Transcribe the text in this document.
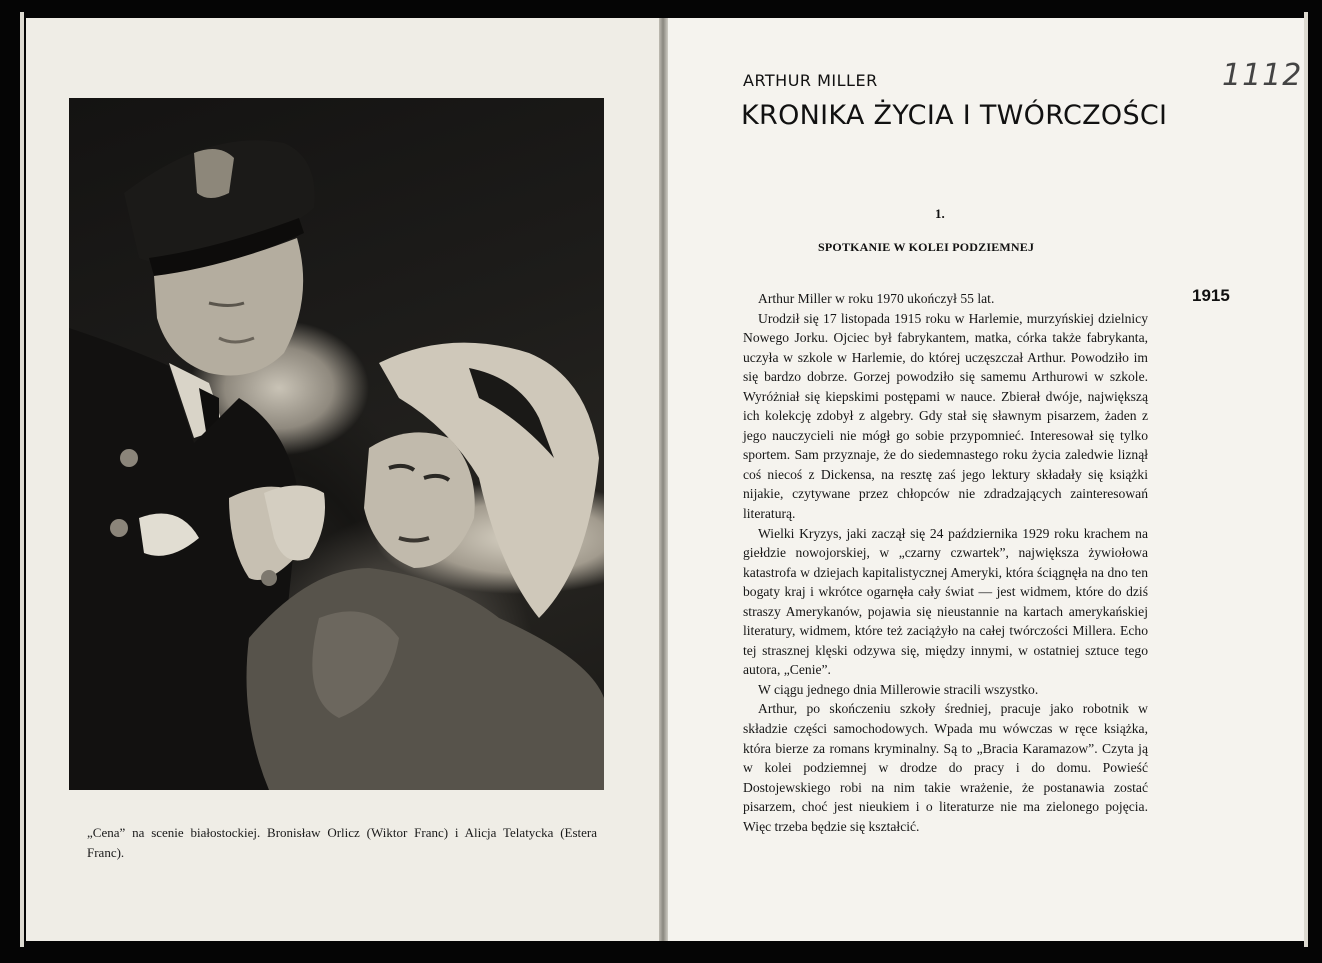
„Cena” na scenie białostockiej. Bronisław Orlicz (Wiktor Franc) i Alicja Telatycka (Estera Franc).

1112
ARTHUR MILLER
KRONIKA ŻYCIA I TWÓRCZOŚCI
1.
SPOTKANIE W KOLEI PODZIEMNEJ
1915

Arthur Miller w roku 1970 ukończył 55 lat.

Urodził się 17 listopada 1915 roku w Harlemie, murzyńskiej dzielnicy Nowego Jorku. Ojciec był fabrykantem, matka, córka także fabrykanta, uczyła w szkole w Harlemie, do której uczęszczał Arthur. Powodziło im się bardzo dobrze. Gorzej powodziło się samemu Arthurowi w szkole. Wyróżniał się kiepskimi postępami w nauce. Zbierał dwóje, największą ich kolekcję zdobył z algebry. Gdy stał się sławnym pisarzem, żaden z jego nauczycieli nie mógł go sobie przypomnieć. Interesował się tylko sportem. Sam przyznaje, że do siedemnastego roku życia zaledwie liznął coś niecoś z Dickensa, na resztę zaś jego lektury składały się książki nijakie, czytywane przez chłopców nie zdradzających zainteresowań literaturą.

Wielki Kryzys, jaki zaczął się 24 października 1929 roku krachem na giełdzie nowojorskiej, w „czarny czwartek”, największa żywiołowa katastrofa w dziejach kapitalistycznej Ameryki, która ściągnęła na dno ten bogaty kraj i wkrótce ogarnęła cały świat — jest widmem, które do dziś straszy Amerykanów, pojawia się nieustannie na kartach amerykańskiej literatury, widmem, które też zaciążyło na całej twórczości Millera. Echo tej strasznej klęski odzywa się, między innymi, w ostatniej sztuce tego autora, „Cenie”.

W ciągu jednego dnia Millerowie stracili wszystko.

Arthur, po skończeniu szkoły średniej, pracuje jako robotnik w składzie części samochodowych. Wpada mu wówczas w ręce książka, która bierze za romans kryminalny. Są to „Bracia Karamazow”. Czyta ją w kolei podziemnej w drodze do pracy i do domu. Powieść Dostojewskiego robi na nim takie wrażenie, że postanawia zostać pisarzem, choć jest nieukiem i o literaturze nie ma zielonego pojęcia. Więc trzeba będzie się kształcić.
